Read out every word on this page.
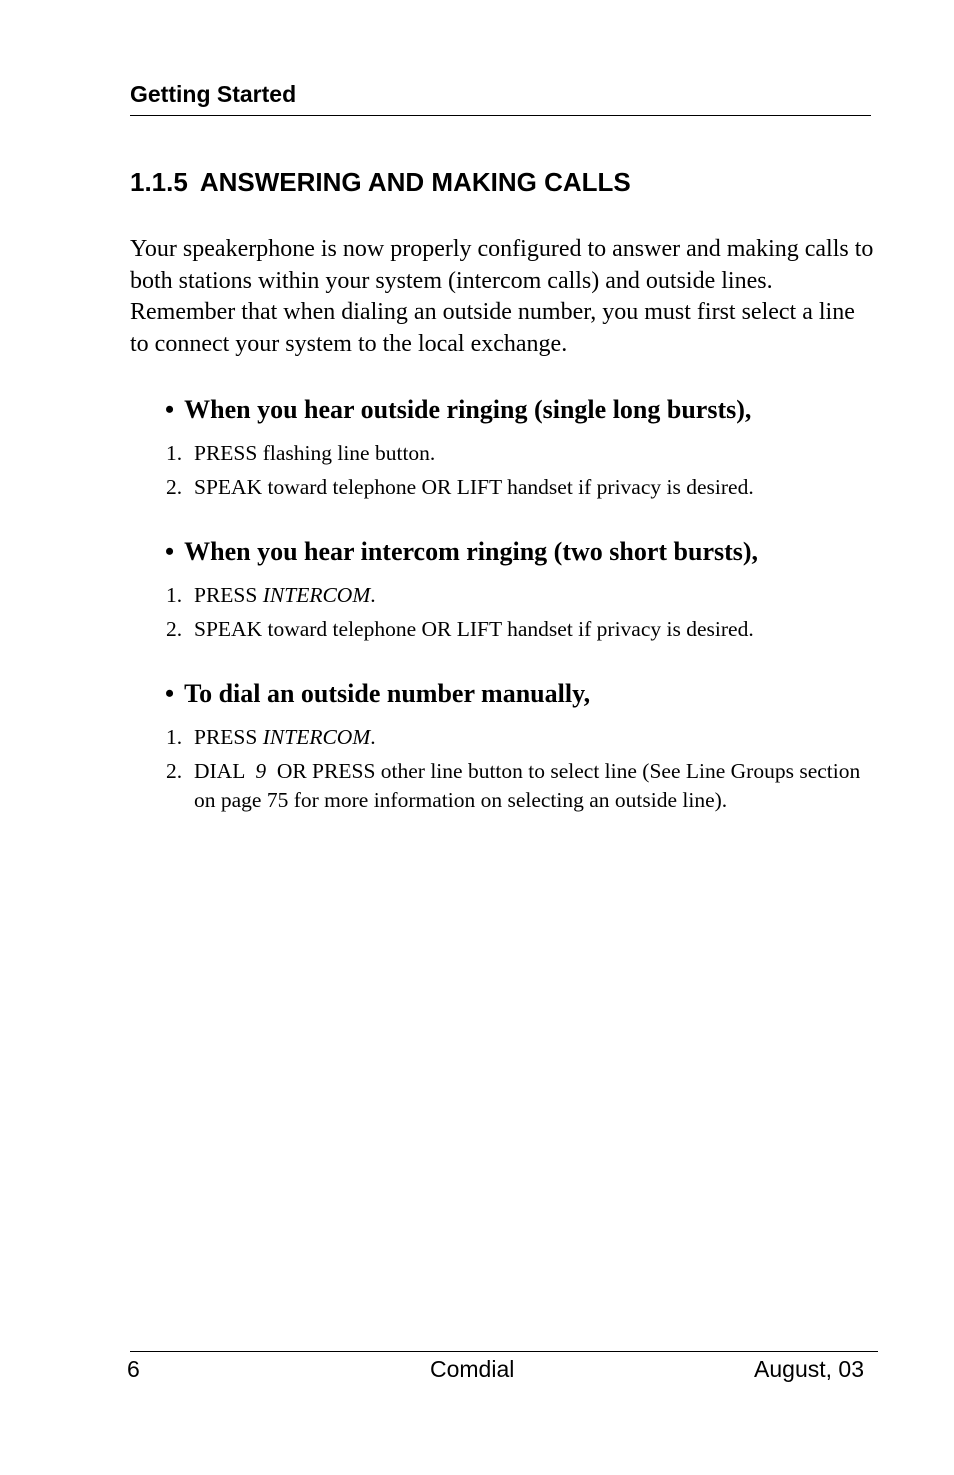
Getting Started
1.1.5 ANSWERING AND MAKING CALLS

Your speakerphone is now properly configured to answer and making calls to both stations within your system (intercom calls) and outside lines. Remember that when dialing an outside number, you must first select a line to connect your system to the local exchange.

• When you hear outside ringing (single long bursts),
1. PRESS flashing line button.
2. SPEAK toward telephone OR LIFT handset if privacy is desired.
• When you hear intercom ringing (two short bursts),
1. PRESS INTERCOM.
2. SPEAK toward telephone OR LIFT handset if privacy is desired.
• To dial an outside number manually,
1. PRESS INTERCOM.
2. DIAL  9  OR PRESS other line button to select line (See Line Groups section on page 75 for more information on selecting an outside line).
6	Comdial	August, 03
